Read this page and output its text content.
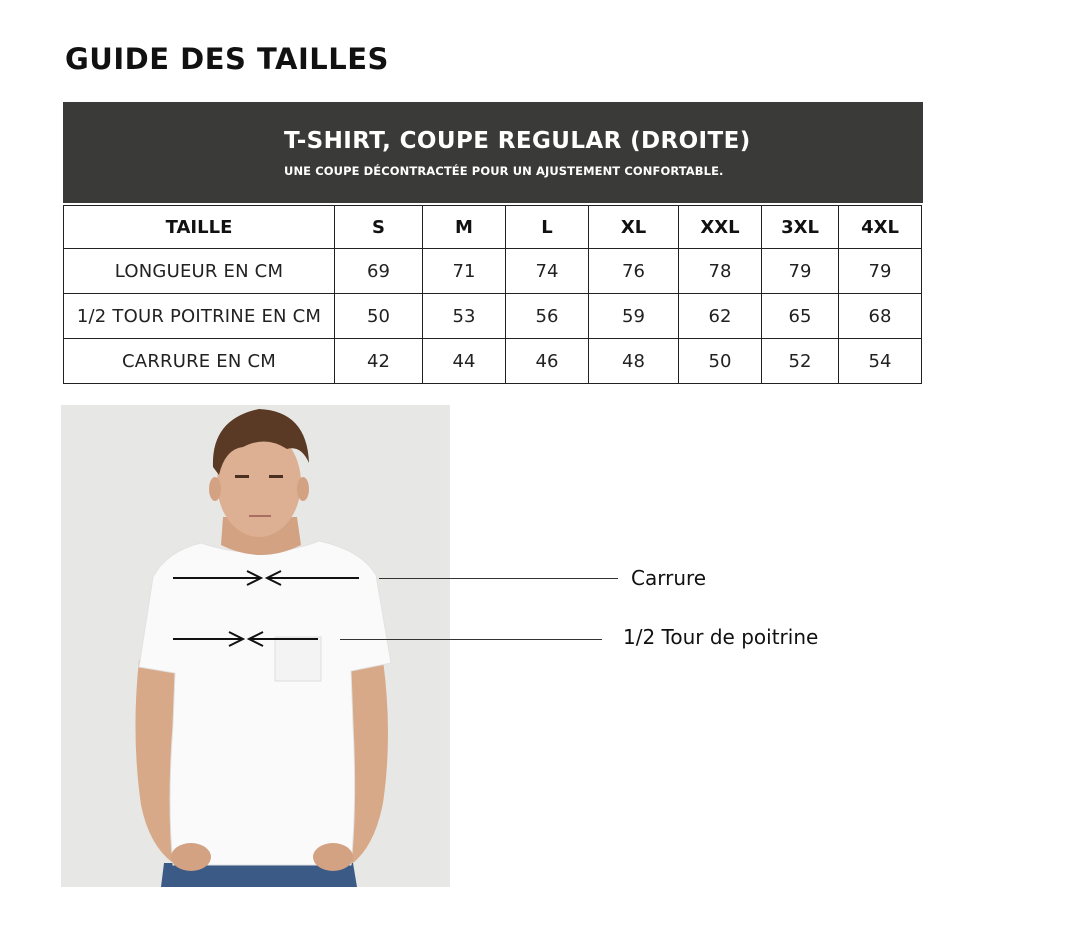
GUIDE DES TAILLES
T-SHIRT, COUPE REGULAR (DROITE)
UNE COUPE DÉCONTRACTÉE POUR UN AJUSTEMENT CONFORTABLE.
TAILLE	S	M	L	XL	XXL	3XL	4XL
LONGUEUR EN CM	69	71	74	76	78	79	79
1/2 TOUR POITRINE EN CM	50	53	56	59	62	65	68
CARRURE EN CM	42	44	46	48	50	52	54
Carrure
1/2 Tour de poitrine
